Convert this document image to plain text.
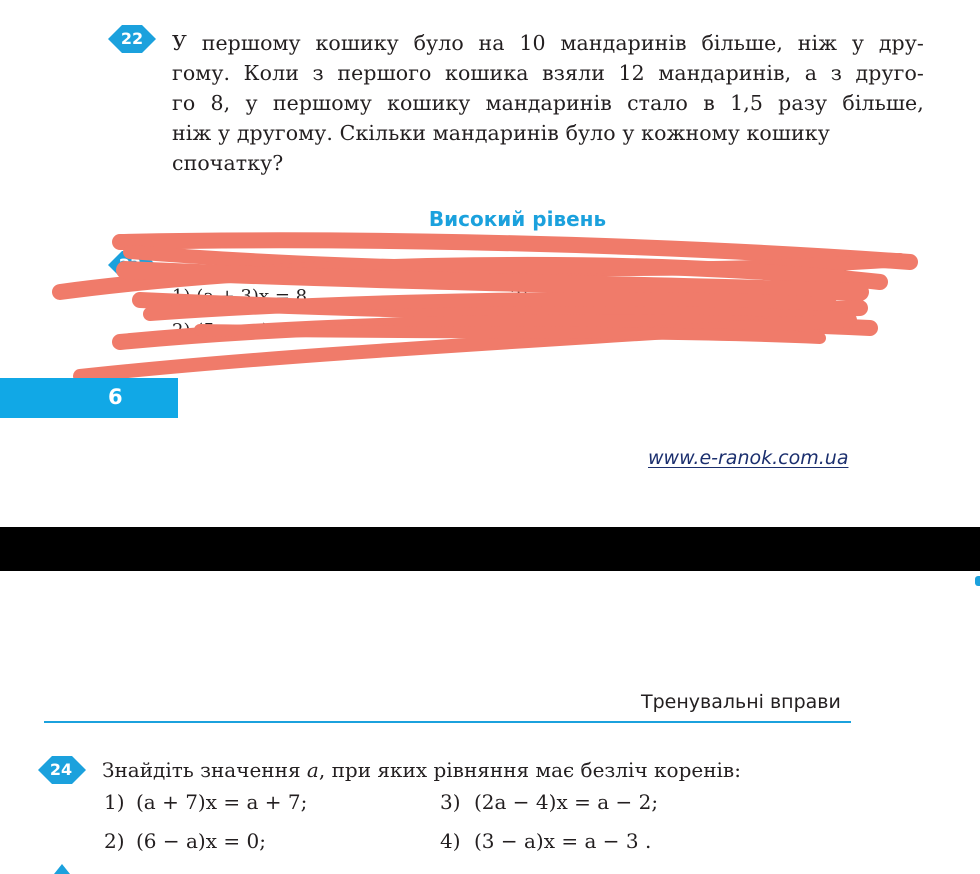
22 У першому кошику було на 10 мандаринів більше, ніж у дру-
гому. Коли з першого кошика взяли 12 мандаринів, а з друго-
го 8, у першому кошику мандаринів стало в 1,5 разу більше,
ніж у другому. Скільки мандаринів було у кожному кошику
спочатку?
Високий рівень
23	рнь.
1) (а + 3)х = 8,	3) а
2) (5 – )	1 = 6х .
6
www.e-ranok.com.ua
Тренувальні вправи
24 Знайдіть значення a, при яких рівняння має безліч коренів:
1) (a + 7)x = a + 7;
2) (6 − a)x = 0;
3) (2a − 4)x = a − 2;
4) (3 − a)x = a − 3 .
